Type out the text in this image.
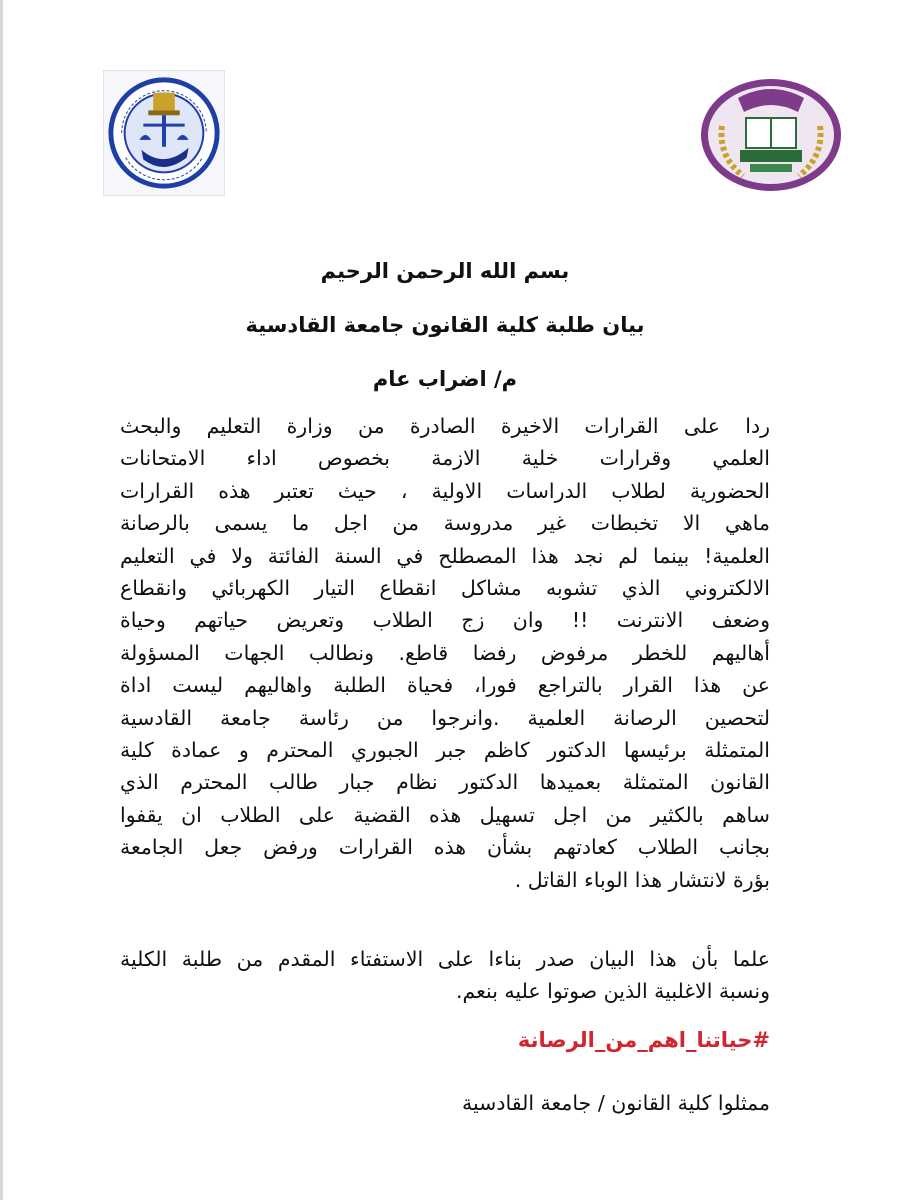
بسم الله الرحمن الرحيم

بيان طلبة كلية القانون جامعة القادسية

م/ اضراب عام

ردا على القرارات الاخيرة الصادرة من وزارة التعليم والبحث
العلمي وقرارات خلية الازمة بخصوص اداء الامتحانات
الحضورية لطلاب الدراسات الاولية ، حيث تعتبر هذه القرارات
ماهي الا تخبطات غير مدروسة من اجل ما يسمى بالرصانة
العلمية! بينما لم نجد هذا المصطلح في السنة الفائتة ولا في التعليم
الالكتروني الذي تشوبه مشاكل انقطاع التيار الكهربائي وانقطاع
وضعف الانترنت !! وان زج الطلاب وتعريض حياتهم وحياة
أهاليهم للخطر مرفوض رفضا قاطع. ونطالب الجهات المسؤولة
عن هذا القرار بالتراجع فورا، فحياة الطلبة واهاليهم ليست اداة
لتحصين الرصانة العلمية .وانرجوا من رئاسة جامعة القادسية
المتمثلة برئيسها الدكتور كاظم جبر الجبوري المحترم و عمادة كلية
القانون المتمثلة بعميدها الدكتور نظام جبار طالب المحترم الذي
ساهم بالكثير من اجل تسهيل هذه القضية على الطلاب ان يقفوا
بجانب الطلاب كعادتهم بشأن هذه القرارات ورفض جعل الجامعة
بؤرة لانتشار هذا الوباء القاتل .

علما بأن هذا البيان صدر بناءا على الاستفتاء المقدم من طلبة الكلية
ونسبة الاغلبية الذين صوتوا عليه بنعم.

#حياتنا_اهم_من_الرصانة

ممثلوا كلية القانون / جامعة القادسية
